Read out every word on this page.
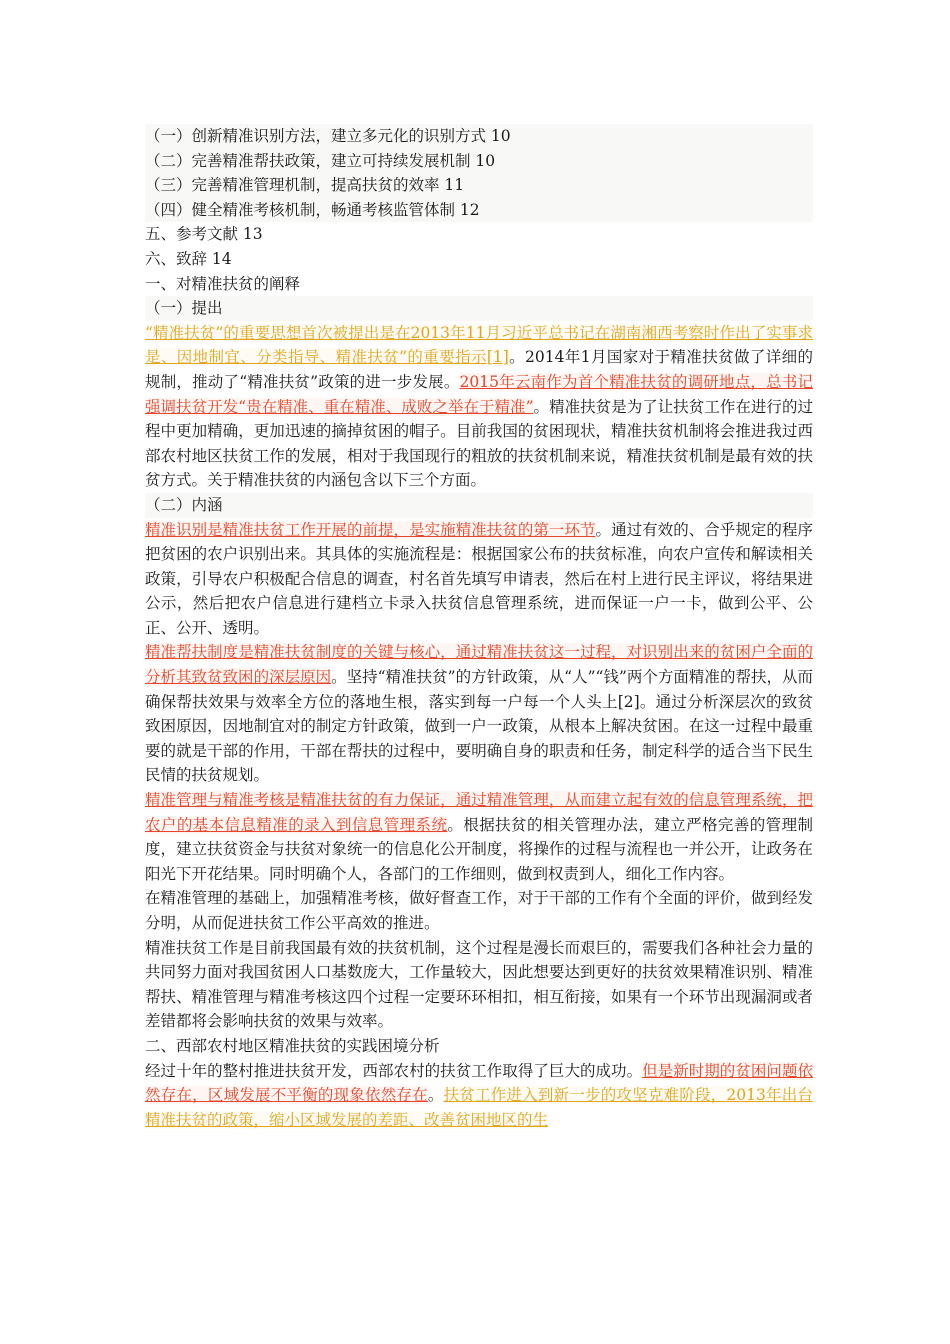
（一）创新精准识别方法，建立多元化的识别方式 10
（二）完善精准帮扶政策，建立可持续发展机制 10
（三）完善精准管理机制，提高扶贫的效率 11
（四）健全精准考核机制，畅通考核监管体制 12
五、参考文献 13
六、致辞 14
一、对精准扶贫的阐释
（一）提出

“精准扶贫”的重要思想首次被提出是在2013年11月习近平总书记在湖南湘西考察时作出了实事求是、因地制宜、分类指导、精准扶贫”的重要指示[1]。2014年1月国家对于精准扶贫做了详细的规制，推动了“精准扶贫”政策的进一步发展。2015年云南作为首个精准扶贫的调研地点，总书记强调扶贫开发“贵在精准、重在精准、成败之举在于精准”。精准扶贫是为了让扶贫工作在进行的过程中更加精确，更加迅速的摘掉贫困的帽子。目前我国的贫困现状，精准扶贫机制将会推进我过西部农村地区扶贫工作的发展，相对于我国现行的粗放的扶贫机制来说，精准扶贫机制是最有效的扶贫方式。关于精准扶贫的内涵包含以下三个方面。

（二）内涵

精准识别是精准扶贫工作开展的前提，是实施精准扶贫的第一环节。通过有效的、合乎规定的程序把贫困的农户识别出来。其具体的实施流程是：根据国家公布的扶贫标准，向农户宣传和解读相关政策，引导农户积极配合信息的调查，村名首先填写申请表，然后在村上进行民主评议，将结果进公示，然后把农户信息进行建档立卡录入扶贫信息管理系统，进而保证一户一卡，做到公平、公正、公开、透明。

精准帮扶制度是精准扶贫制度的关键与核心，通过精准扶贫这一过程，对识别出来的贫困户全面的分析其致贫致困的深层原因。坚持“精准扶贫”的方针政策，从“人”“钱”两个方面精准的帮扶，从而确保帮扶效果与效率全方位的落地生根，落实到每一户每一个人头上[2]。通过分析深层次的致贫致困原因，因地制宜对的制定方针政策，做到一户一政策，从根本上解决贫困。在这一过程中最重要的就是干部的作用，干部在帮扶的过程中，要明确自身的职责和任务，制定科学的适合当下民生民情的扶贫规划。

精准管理与精准考核是精准扶贫的有力保证，通过精准管理，从而建立起有效的信息管理系统，把农户的基本信息精准的录入到信息管理系统。根据扶贫的相关管理办法，建立严格完善的管理制度，建立扶贫资金与扶贫对象统一的信息化公开制度，将操作的过程与流程也一并公开，让政务在阳光下开花结果。同时明确个人，各部门的工作细则，做到权责到人，细化工作内容。

在精准管理的基础上，加强精准考核，做好督查工作，对于干部的工作有个全面的评价，做到经发分明，从而促进扶贫工作公平高效的推进。

精准扶贫工作是目前我国最有效的扶贫机制，这个过程是漫长而艰巨的，需要我们各种社会力量的共同努力面对我国贫困人口基数庞大，工作量较大，因此想要达到更好的扶贫效果精准识别、精准帮扶、精准管理与精准考核这四个过程一定要环环相扣，相互衔接，如果有一个环节出现漏洞或者差错都将会影响扶贫的效果与效率。

二、西部农村地区精准扶贫的实践困境分析

经过十年的整村推进扶贫开发，西部农村的扶贫工作取得了巨大的成功。但是新时期的贫困问题依然存在，区域发展不平衡的现象依然存在。扶贫工作进入到新一步的攻坚克难阶段，2013年出台精准扶贫的政策，缩小区域发展的差距、改善贫困地区的生
